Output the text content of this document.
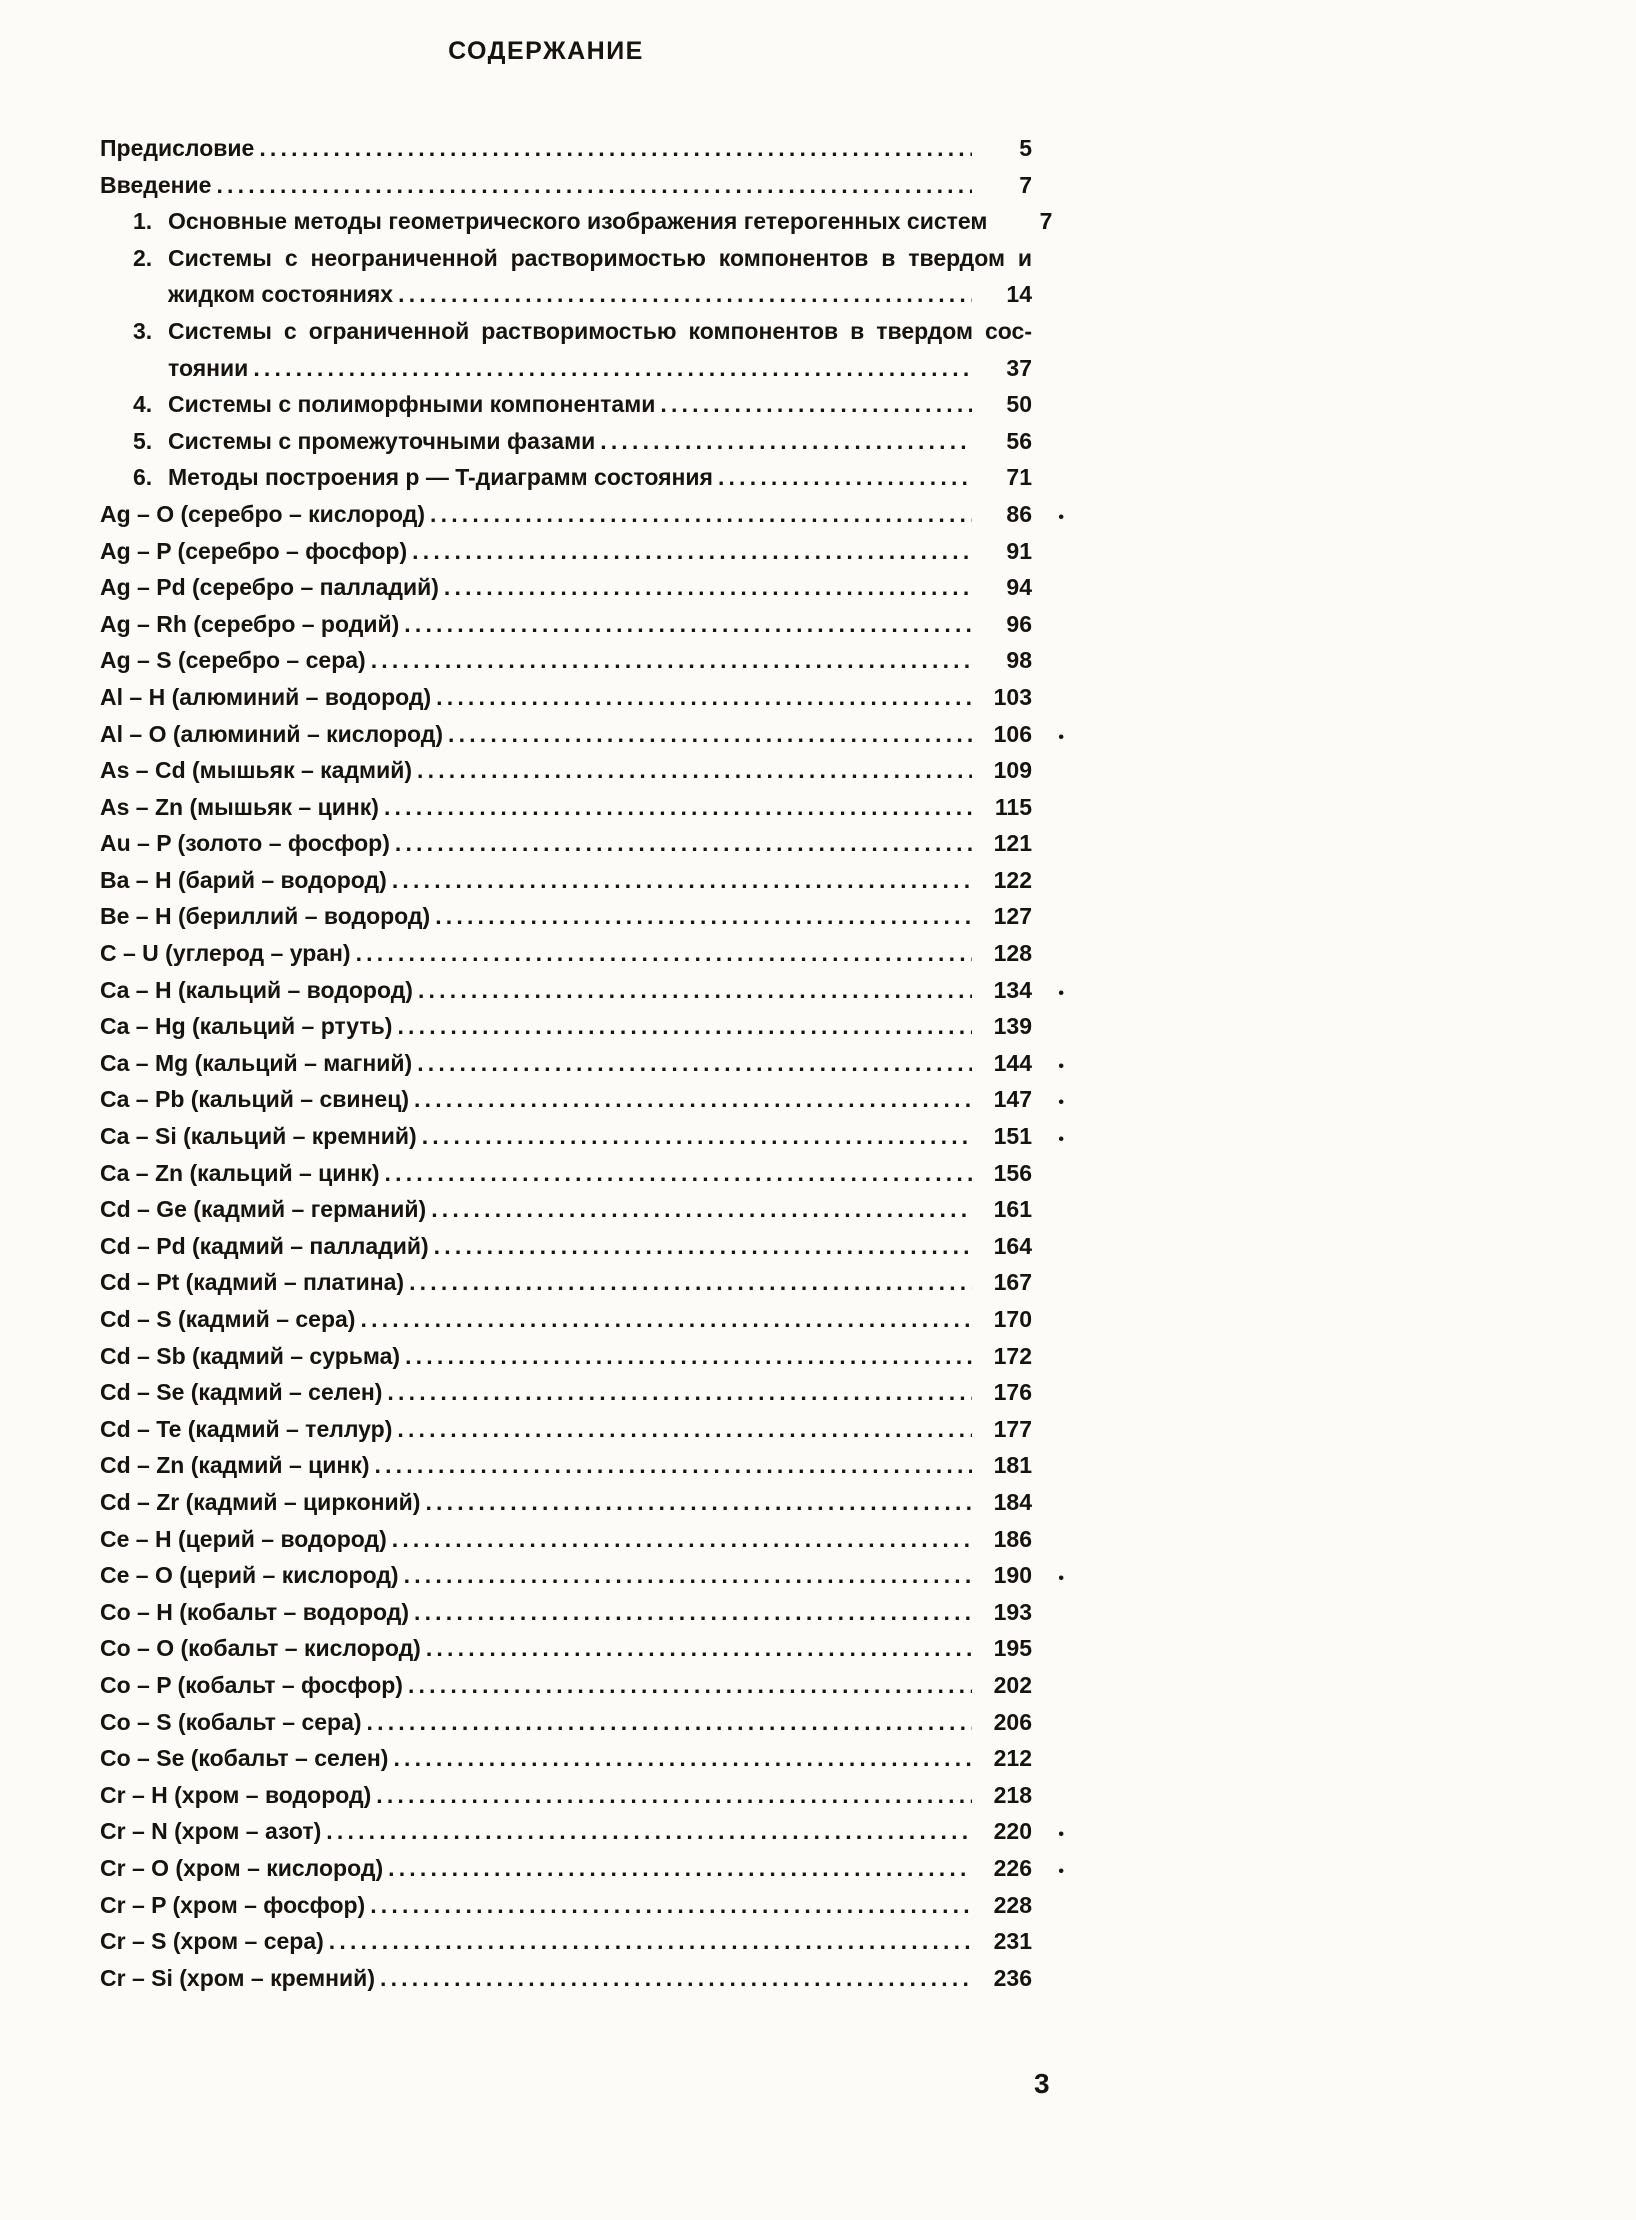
СОДЕРЖАНИЕ
Предисловие .....	5
Введение .....	7
1. Основные методы геометрического изображения гетерогенных систем	7
2. Системы с неограниченной растворимостью компонентов в твердом и
жидком состояниях .....	14
3. Системы с ограниченной растворимостью компонентов в твердом сос-
тоянии .....	37
4. Системы с полиморфными компонентами .....	50
5. Системы с промежуточными фазами .....	56
6. Методы построения p — T-диаграмм состояния .....	71
Ag – O (серебро – кислород) .....	86 •
Ag – P (серебро – фосфор) .....	91
Ag – Pd (серебро – палладий) .....	94
Ag – Rh (серебро – родий) .....	96
Ag – S (серебро – сера) .....	98
Al – H (алюминий – водород) .....	103
Al – O (алюминий – кислород) .....	106 •
As – Cd (мышьяк – кадмий) .....	109
As – Zn (мышьяк – цинк) .....	115
Au – P (золото – фосфор) .....	121
Ba – H (барий – водород) .....	122
Be – H (бериллий – водород) .....	127
C – U (углерод – уран) .....	128
Ca – H (кальций – водород) .....	134 •
Ca – Hg (кальций – ртуть) .....	139
Ca – Mg (кальций – магний) .....	144 •
Ca – Pb (кальций – свинец) .....	147 •
Ca – Si (кальций – кремний) .....	151 •
Ca – Zn (кальций – цинк) .....	156
Cd – Ge (кадмий – германий) .....	161
Cd – Pd (кадмий – палладий) .....	164
Cd – Pt (кадмий – платина) .....	167
Cd – S (кадмий – сера) .....	170
Cd – Sb (кадмий – сурьма) .....	172
Cd – Se (кадмий – селен) .....	176
Cd – Te (кадмий – теллур) .....	177
Cd – Zn (кадмий – цинк) .....	181
Cd – Zr (кадмий – цирконий) .....	184
Ce – H (церий – водород) .....	186
Ce – O (церий – кислород) .....	190 •
Co – H (кобальт – водород) .....	193
Co – O (кобальт – кислород) .....	195
Co – P (кобальт – фосфор) .....	202
Co – S (кобальт – сера) .....	206
Co – Se (кобальт – селен) .....	212
Cr – H (хром – водород) .....	218
Cr – N (хром – азот) .....	220 •
Cr – O (хром – кислород) .....	226 •
Cr – P (хром – фосфор) .....	228
Cr – S (хром – сера) .....	231
Cr – Si (хром – кремний) .....	236
3
